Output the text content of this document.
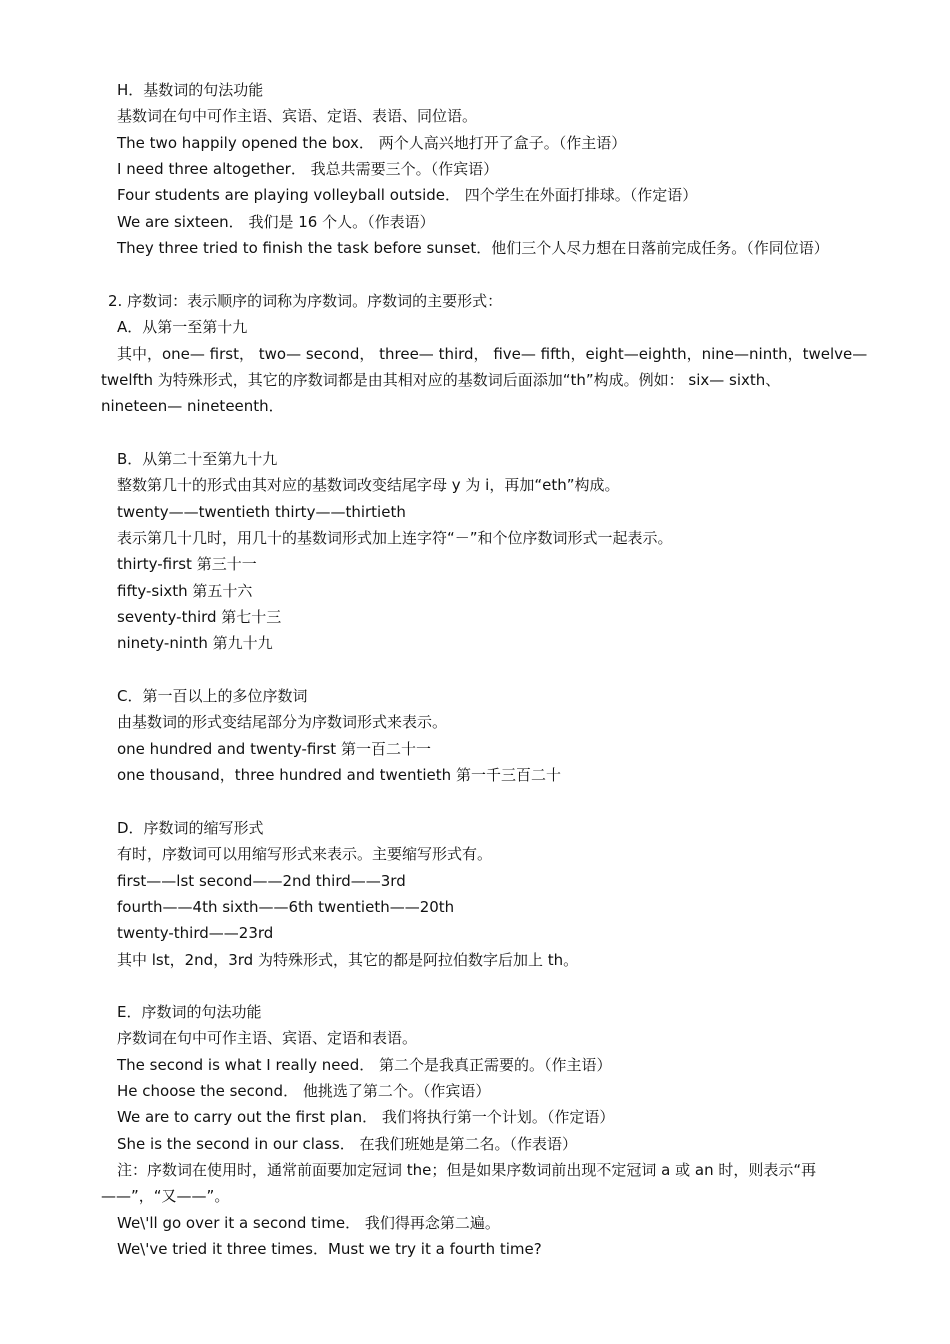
H．基数词的句法功能
基数词在句中可作主语、宾语、定语、表语、同位语。
The two happily opened the box． 两个人高兴地打开了盒子。（作主语）
I need three altogether． 我总共需要三个。（作宾语）
Four students are playing volleyball outside． 四个学生在外面打排球。（作定语）
We are sixteen． 我们是 16 个人。（作表语）
They three tried to finish the task before sunset．他们三个人尽力想在日落前完成任务。（作同位语）
2. 序数词：表示顺序的词称为序数词。序数词的主要形式：
A．从第一至第十九
其中，one— first， two— second， three— third， five— fifth，eight—eighth，nine—ninth，twelve—
twelfth 为特殊形式，其它的序数词都是由其相对应的基数词后面添加“th”构成。例如： six— sixth、
nineteen— nineteenth．
B．从第二十至第九十九
整数第几十的形式由其对应的基数词改变结尾字母 y 为 i，再加“eth”构成。
twenty——twentieth thirty——thirtieth
表示第几十几时，用几十的基数词形式加上连字符“－”和个位序数词形式一起表示。
thirty-first 第三十一
fifty-sixth 第五十六
seventy-third 第七十三
ninety-ninth 第九十九
C．第一百以上的多位序数词
由基数词的形式变结尾部分为序数词形式来表示。
one hundred and twenty-first 第一百二十一
one thousand，three hundred and twentieth 第一千三百二十
D．序数词的缩写形式
有时，序数词可以用缩写形式来表示。主要缩写形式有。
first——lst second——2nd third——3rd
fourth——4th sixth——6th twentieth——20th
twenty-third——23rd
其中 lst，2nd，3rd 为特殊形式，其它的都是阿拉伯数字后加上 th。
E．序数词的句法功能
序数词在句中可作主语、宾语、定语和表语。
The second is what I really need． 第二个是我真正需要的。（作主语）
He choose the second． 他挑选了第二个。（作宾语）
We are to carry out the first plan． 我们将执行第一个计划。（作定语）
She is the second in our class． 在我们班她是第二名。（作表语）
注：序数词在使用时，通常前面要加定冠词 the；但是如果序数词前出现不定冠词 a 或 an 时，则表示“再
——”，“又——”。
We\'ll go over it a second time． 我们得再念第二遍。
We\'ve tried it three times．Must we try it a fourth time?
